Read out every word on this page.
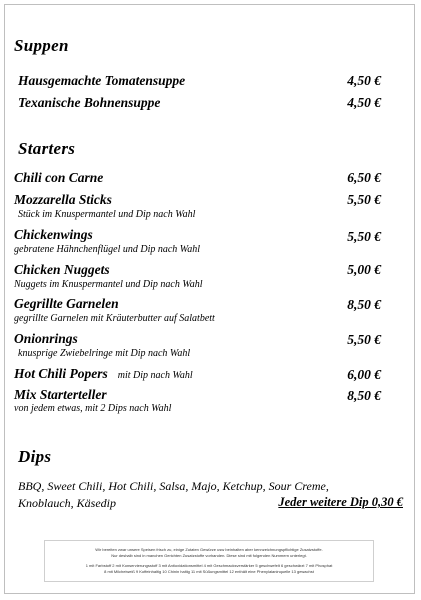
Suppen
Hausgemachte Tomatensuppe	4,50 €
Texanische Bohnensuppe	4,50 €
Starters
Chili con Carne	6,50 €
Mozzarella Sticks	5,50 €
Stück im Knuspermantel und Dip nach Wahl
Chickenwings	5,50 €
gebratene Hähnchenflügel und Dip nach Wahl
Chicken Nuggets	5,00 €
Nuggets im Knuspermantel und Dip nach Wahl
Gegrillte Garnelen	8,50 €
gegrillte Garnelen mit Kräuterbutter auf Salatbett
Onionrings	5,50 €
knusprige Zwiebelringe mit Dip nach Wahl
Hot Chili Popers mit Dip nach Wahl	6,00 €
Mix Starterteller	8,50 €
von jedem etwas, mit 2 Dips nach Wahl
Dips
BBQ, Sweet Chili, Hot Chili, Salsa, Majo, Ketchup, Sour Creme,
Knoblauch, Käsedip	Jeder weitere Dip 0,30 €
Wir bereiten zwar unsere Speisen frisch zu, einige Zutaten Gewürze usw beinhalten aber kennzeichnungspflichtige Zusatzstoffe.
Nur deshalb sind in manchen Gerichten Zusatzstoffe vorhanden. Diese sind mit folgenden Nummern unterlegt.
1 mit Farbstoff 2 mit Konservierungsstoff 3 mit Antioxidationsmittel 4 mit Geschmacksverstärker 5 geschwefelt 6 geschwärzt 7 mit Phosphat
8 mit Milcheiweiß 9 Koffeinhaltig 10 Chinin haltig 11 mit Süßungsmittel 12 enthält eine Phenylalaninquelle 13 gewachst
